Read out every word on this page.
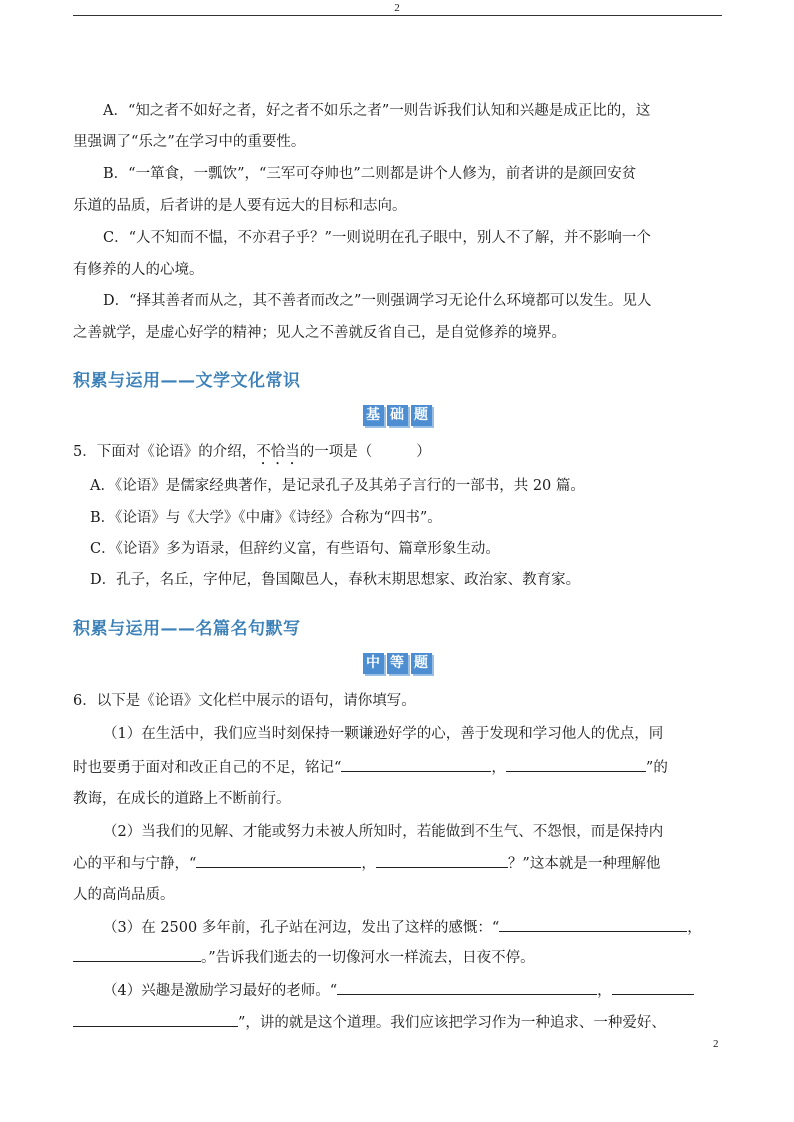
2
A．“知之者不如好之者，好之者不如乐之者”一则告诉我们认知和兴趣是成正比的，这
里强调了“乐之”在学习中的重要性。
B．“一箪食，一瓢饮”，“三军可夺帅也”二则都是讲个人修为，前者讲的是颜回安贫
乐道的品质，后者讲的是人要有远大的目标和志向。
C．“人不知而不愠，不亦君子乎？”一则说明在孔子眼中，别人不了解，并不影响一个
有修养的人的心境。
D．“择其善者而从之，其不善者而改之”一则强调学习无论什么环境都可以发生。见人
之善就学，是虚心好学的精神；见人之不善就反省自己，是自觉修养的境界。
积累与运用——文学文化常识
基 础 题
5．下面对《论语》的介绍，不恰当的一项是（	）
A．《论语》是儒家经典著作，是记录孔子及其弟子言行的一部书，共 20 篇。
B．《论语》与《大学》《中庸》《诗经》合称为“四书”。
C．《论语》多为语录，但辞约义富，有些语句、篇章形象生动。
D．孔子，名丘，字仲尼，鲁国陬邑人，春秋末期思想家、政治家、教育家。
积累与运用——名篇名句默写
中 等 题
6．以下是《论语》文化栏中展示的语句，请你填写。
（1）在生活中，我们应当时刻保持一颗谦逊好学的心，善于发现和学习他人的优点，同
时也要勇于面对和改正自己的不足，铭记“	，	”的
教诲，在成长的道路上不断前行。
（2）当我们的见解、才能或努力未被人所知时，若能做到不生气、不怨恨，而是保持内
心的平和与宁静，“	，	？”这本就是一种理解他
人的高尚品质。
（3）在 2500 多年前，孔子站在河边，发出了这样的感慨：“	，
。”告诉我们逝去的一切像河水一样流去，日夜不停。
（4）兴趣是激励学习最好的老师。“	，
”，讲的就是这个道理。我们应该把学习作为一种追求、一种爱好、
2
